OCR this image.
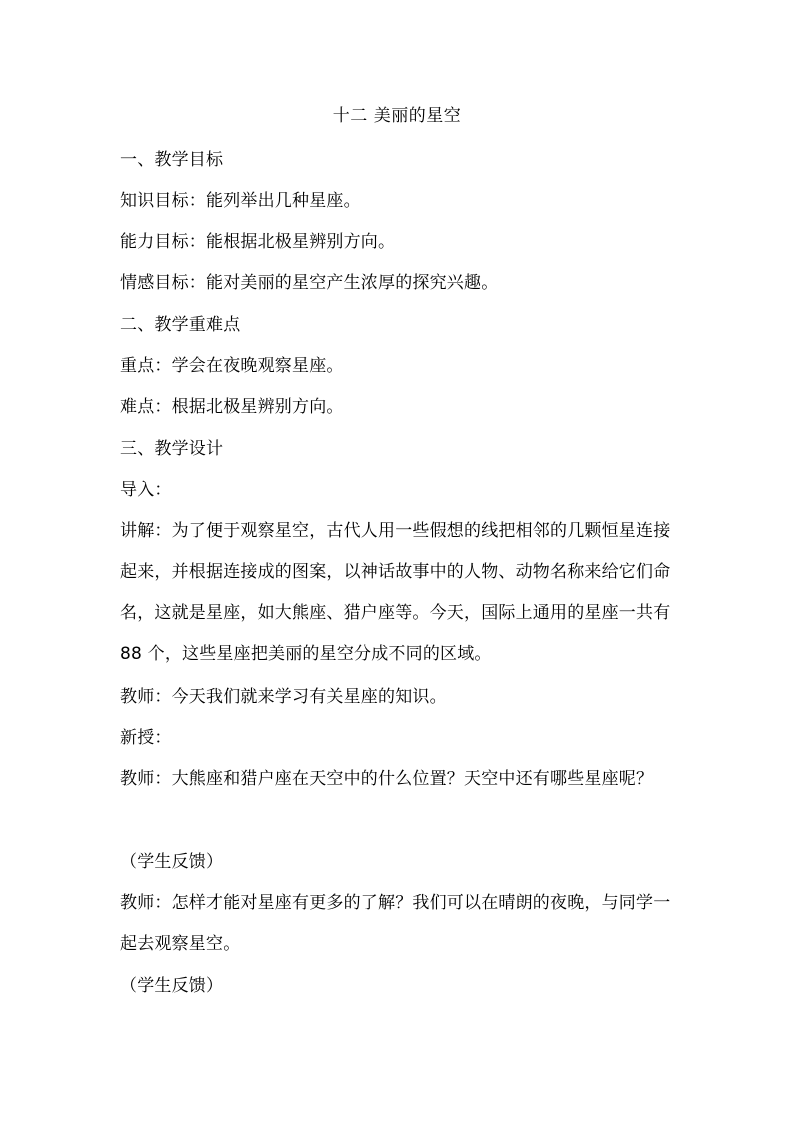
十二 美丽的星空
一、教学目标
知识目标：能列举出几种星座。
能力目标：能根据北极星辨别方向。
情感目标：能对美丽的星空产生浓厚的探究兴趣。
二、教学重难点
重点：学会在夜晚观察星座。
难点：根据北极星辨别方向。
三、教学设计
导入：
讲解：为了便于观察星空，古代人用一些假想的线把相邻的几颗恒星连接起来，并根据连接成的图案，以神话故事中的人物、动物名称来给它们命名，这就是星座，如大熊座、猎户座等。今天，国际上通用的星座一共有 88 个，这些星座把美丽的星空分成不同的区域。
教师：今天我们就来学习有关星座的知识。
新授：
教师：大熊座和猎户座在天空中的什么位置？天空中还有哪些星座呢？
（学生反馈）
教师：怎样才能对星座有更多的了解？我们可以在晴朗的夜晚，与同学一起去观察星空。
（学生反馈）
